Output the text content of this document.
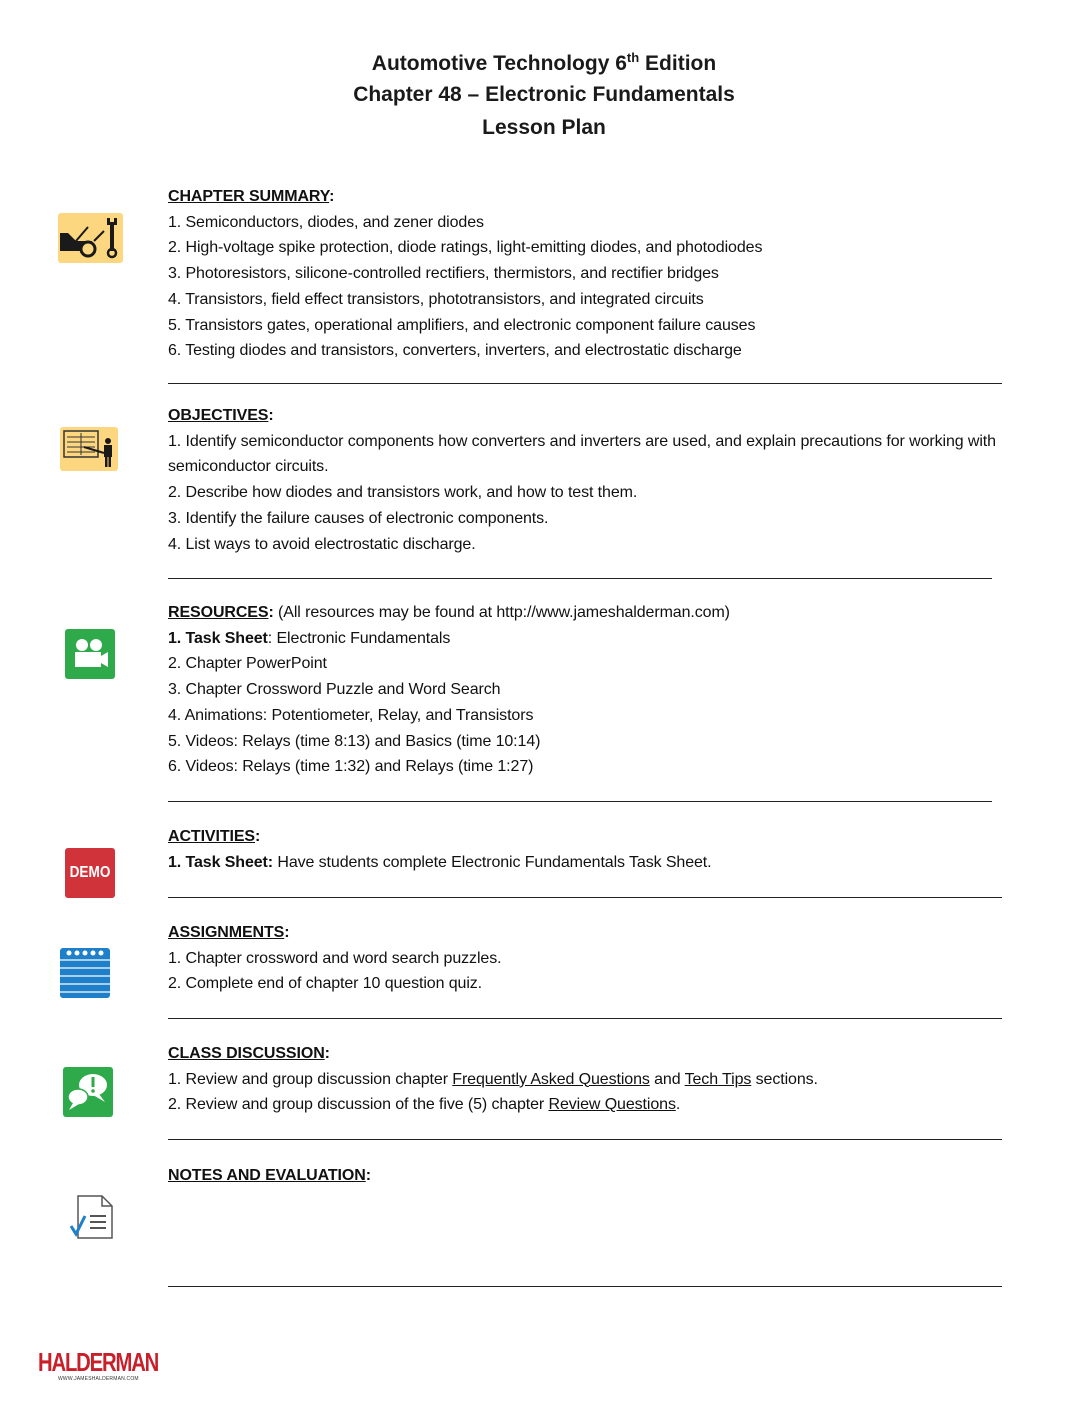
Automotive Technology 6th Edition
Chapter 48 – Electronic Fundamentals
Lesson Plan
CHAPTER SUMMARY:
1. Semiconductors, diodes, and zener diodes
2. High-voltage spike protection, diode ratings, light-emitting diodes, and photodiodes
3. Photoresistors, silicone-controlled rectifiers, thermistors, and rectifier bridges
4. Transistors, field effect transistors, phototransistors, and integrated circuits
5. Transistors gates, operational amplifiers, and electronic component failure causes
6. Testing diodes and transistors, converters, inverters, and electrostatic discharge
OBJECTIVES:
1. Identify semiconductor components how converters and inverters are used, and explain precautions for working with semiconductor circuits.
2. Describe how diodes and transistors work, and how to test them.
3. Identify the failure causes of electronic components.
4. List ways to avoid electrostatic discharge.
RESOURCES: (All resources may be found at http://www.jameshalderman.com)
1. Task Sheet: Electronic Fundamentals
2. Chapter PowerPoint
3. Chapter Crossword Puzzle and Word Search
4. Animations: Potentiometer, Relay, and Transistors
5. Videos: Relays (time 8:13) and Basics (time 10:14)
6. Videos: Relays (time 1:32) and Relays (time 1:27)
DEMO
ACTIVITIES:
1. Task Sheet: Have students complete Electronic Fundamentals Task Sheet.
ASSIGNMENTS:
1. Chapter crossword and word search puzzles.
2. Complete end of chapter 10 question quiz.
CLASS DISCUSSION:
1. Review and group discussion chapter Frequently Asked Questions and Tech Tips sections.
2. Review and group discussion of the five (5) chapter Review Questions.
NOTES AND EVALUATION:
HALDERMAN
WWW.JAMESHALDERMAN.COM
